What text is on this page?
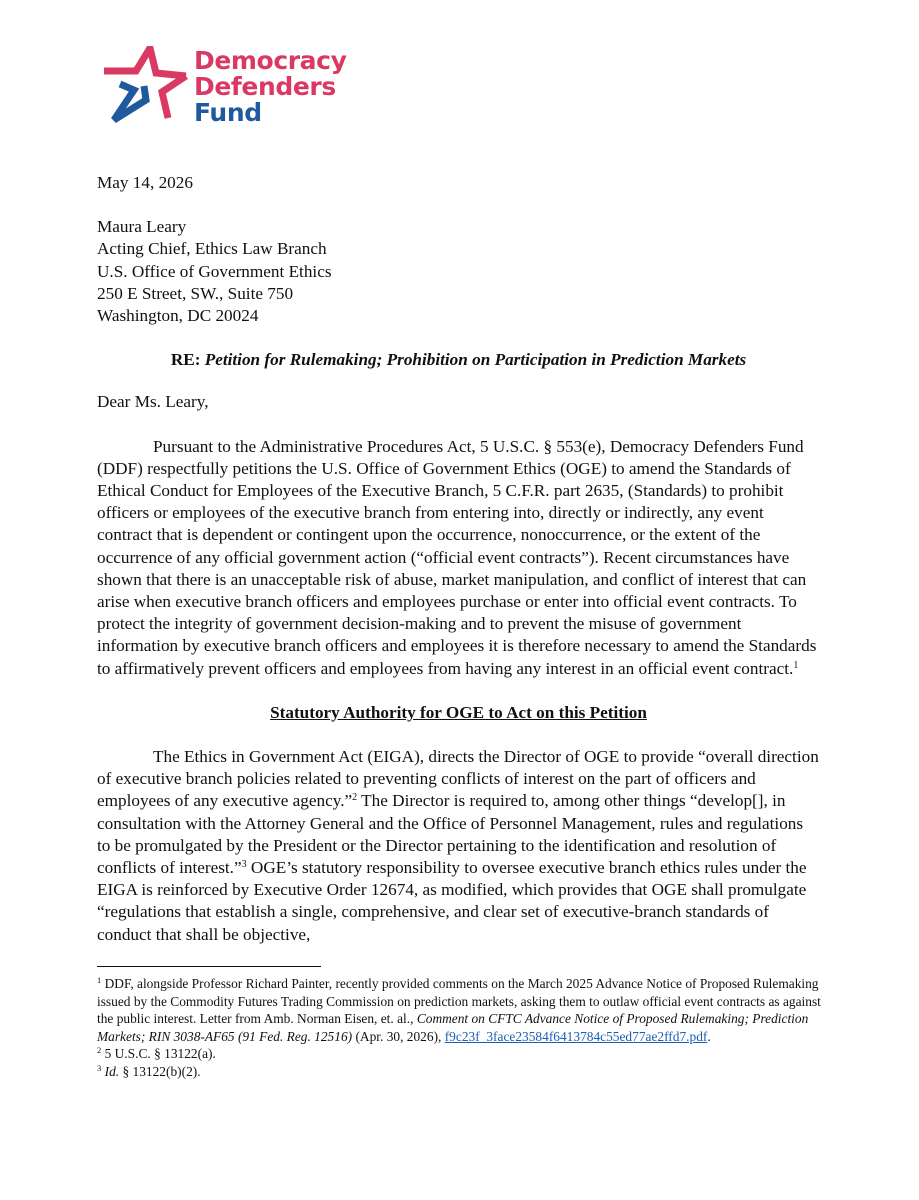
Democracy
Defenders
Fund
May 14, 2026
Maura Leary
Acting Chief, Ethics Law Branch
U.S. Office of Government Ethics
250 E Street, SW., Suite 750
Washington, DC 20024
RE: Petition for Rulemaking; Prohibition on Participation in Prediction Markets
Dear Ms. Leary,

Pursuant to the Administrative Procedures Act, 5 U.S.C. § 553(e), Democracy Defenders Fund (DDF) respectfully petitions the U.S. Office of Government Ethics (OGE) to amend the Standards of Ethical Conduct for Employees of the Executive Branch, 5 C.F.R. part 2635, (Standards) to prohibit officers or employees of the executive branch from entering into, directly or indirectly, any event contract that is dependent or contingent upon the occurrence, nonoccurrence, or the extent of the occurrence of any official government action (“official event contracts”). Recent circumstances have shown that there is an unacceptable risk of abuse, market manipulation, and conflict of interest that can arise when executive branch officers and employees purchase or enter into official event contracts. To protect the integrity of government decision-making and to prevent the misuse of government information by executive branch officers and employees it is therefore necessary to amend the Standards to affirmatively prevent officers and employees from having any interest in an official event contract.$^1$

Statutory Authority for OGE to Act on this Petition

The Ethics in Government Act (EIGA), directs the Director of OGE to provide “overall direction of executive branch policies related to preventing conflicts of interest on the part of officers and employees of any executive agency.”$^2$ The Director is required to, among other things “develop[], in consultation with the Attorney General and the Office of Personnel Management, rules and regulations to be promulgated by the President or the Director pertaining to the identification and resolution of conflicts of interest.”$^3$ OGE’s statutory responsibility to oversee executive branch ethics rules under the EIGA is reinforced by Executive Order 12674, as modified, which provides that OGE shall promulgate “regulations that establish a single, comprehensive, and clear set of executive-branch standards of conduct that shall be objective,

$^1$ DDF, alongside Professor Richard Painter, recently provided comments on the March 2025 Advance Notice of Proposed Rulemaking issued by the Commodity Futures Trading Commission on prediction markets, asking them to outlaw official event contracts as against the public interest. Letter from Amb. Norman Eisen, et. al., Comment on CFTC Advance Notice of Proposed Rulemaking; Prediction Markets; RIN 3038-AF65 (91 Fed. Reg. 12516) (Apr. 30, 2026), f9c23f_3face23584f6413784c55ed77ae2ffd7.pdf.
$^2$ 5 U.S.C. § 13122(a).
$^3$ Id. § 13122(b)(2).
